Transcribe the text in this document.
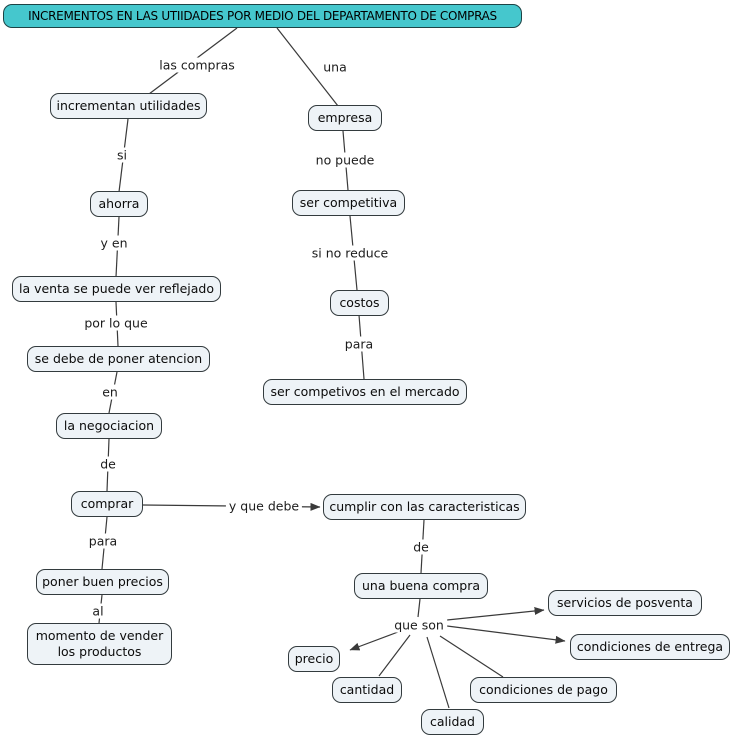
INCREMENTOS EN LAS UTIIDADES POR MEDIO DEL DEPARTAMENTO DE COMPRAS
incrementan utilidades
ahorra
la venta se puede ver reflejado
se debe de poner atencion
la negociacion
comprar
poner buen precios
momento de vender los productos
cumplir con las caracteristicas
una buena compra
precio
cantidad
calidad
condiciones de pago
condiciones de entrega
servicios de posventa
empresa
ser competitiva
costos
ser competivos en el mercado
las compras	una
si
y en
por lo que
en
de
para
al
y que debe
de
que son
no puede
si no reduce
para
